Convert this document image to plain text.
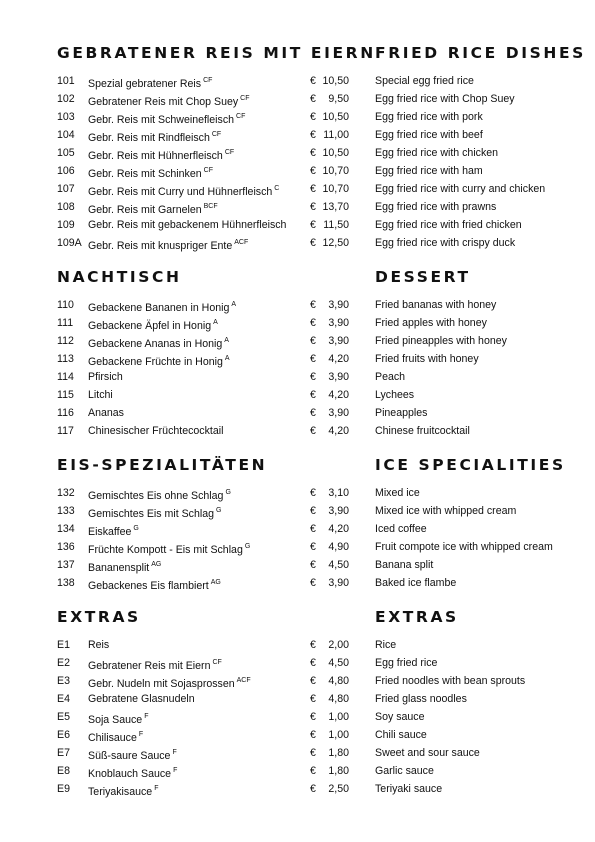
GEBRATENER REIS MIT EIERN FRIED RICE DISHES
101 Spezial gebratener Reis $^{CF}$	€ 10,50 Special egg fried rice
102 Gebratener Reis mit Chop Suey $^{CF}$	€	9,50 Egg fried rice with Chop Suey
103 Gebr. Reis mit Schweinefleisch $^{CF}$	€ 10,50 Egg fried rice with pork
104 Gebr. Reis mit Rindfleisch $^{CF}$	€ 11,00 Egg fried rice with beef
105 Gebr. Reis mit Hühnerfleisch $^{CF}$	€ 10,50 Egg fried rice with chicken
106 Gebr. Reis mit Schinken $^{CF}$	€ 10,70 Egg fried rice with ham
107 Gebr. Reis mit Curry und Hühnerfleisch $^C$	€ 10,70 Egg fried rice with curry and chicken
108 Gebr. Reis mit Garnelen $^{BCF}$	€ 13,70 Egg fried rice with prawns
109 Gebr. Reis mit gebackenem Hühnerfleisch € 11,50 Egg fried rice with fried chicken
109A Gebr. Reis mit knuspriger Ente $^{ACF}$	€ 12,50 Egg fried rice with crispy duck
NACHTISCH	DESSERT
110 Gebackene Bananen in Honig $^A$	€	3,90 Fried bananas with honey
111 Gebackene Äpfel in Honig $^A$	€	3,90 Fried apples with honey
112 Gebackene Ananas in Honig $^A$	€	3,90 Fried pineapples with honey
113 Gebackene Früchte in Honig $^A$	€	4,20 Fried fruits with honey
114 Pfirsich	€	3,90 Peach
115 Litchi	€	4,20 Lychees
116 Ananas	€	3,90 Pineapples
117 Chinesischer Früchtecocktail	€	4,20 Chinese fruitcocktail
EIS-SPEZIALITÄTEN	ICE SPECIALITIES
132 Gemischtes Eis ohne Schlag $^G$	€	3,10 Mixed ice
133 Gemischtes Eis mit Schlag $^G$	€	3,90 Mixed ice with whipped cream
134 Eiskaffee $^G$	€	4,20 Iced coffee
136 Früchte Kompott - Eis mit Schlag $^G$	€	4,90 Fruit compote ice with whipped cream
137 Bananensplit $^{AG}$	€	4,50 Banana split
138 Gebackenes Eis flambiert $^{AG}$	€	3,90 Baked ice flambe
EXTRAS	EXTRAS
E1 Reis	€	2,00 Rice
E2 Gebratener Reis mit Eiern $^{CF}$	€	4,50 Egg fried rice
E3 Gebr. Nudeln mit Sojasprossen $^{ACF}$	€	4,80 Fried noodles with bean sprouts
E4 Gebratene Glasnudeln	€	4,80 Fried glass noodles
E5 Soja Sauce $^F$	€	1,00 Soy sauce
E6 Chilisauce $^F$	€	1,00 Chili sauce
E7 Süß-saure Sauce $^F$	€	1,80 Sweet and sour sauce
E8 Knoblauch Sauce $^F$	€	1,80 Garlic sauce
E9 Teriyakisauce $^F$	€	2,50 Teriyaki sauce
